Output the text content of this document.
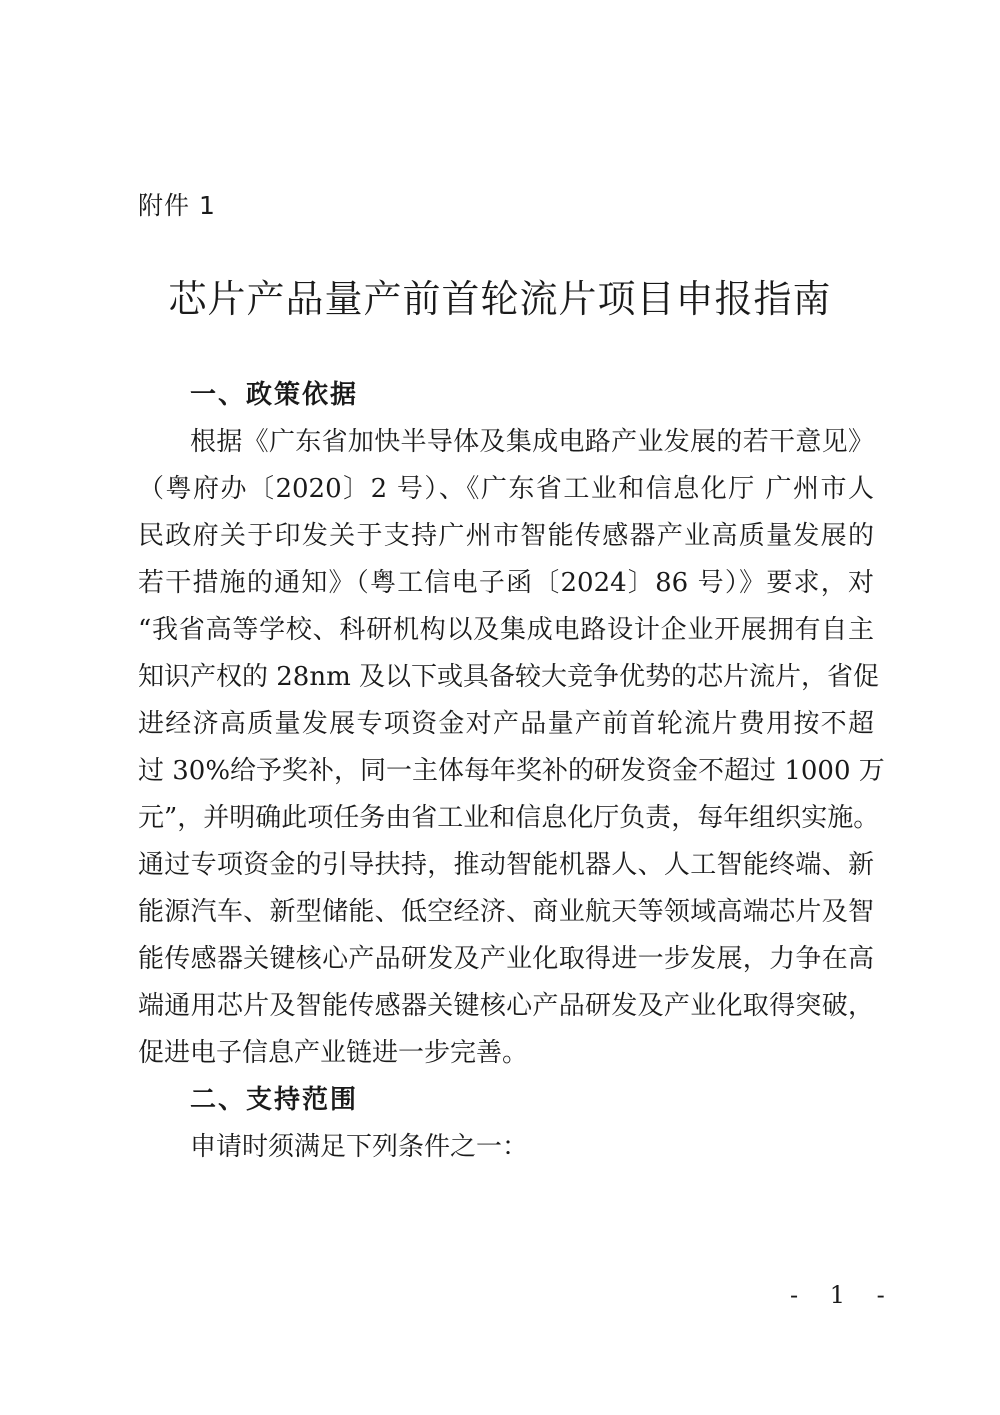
附件 1
芯片产品量产前首轮流片项目申报指南
一、政策依据
根据《广东省加快半导体及集成电路产业发展的若干意见》
（粤府办〔2020〕2 号）、《广东省工业和信息化厅 广州市人
民政府关于印发关于支持广州市智能传感器产业高质量发展的
若干措施的通知》（粤工信电子函〔2024〕86 号）》要求，对
“我省高等学校、科研机构以及集成电路设计企业开展拥有自主
知识产权的 28nm 及以下或具备较大竞争优势的芯片流片，省促
进经济高质量发展专项资金对产品量产前首轮流片费用按不超
过 30%给予奖补，同一主体每年奖补的研发资金不超过 1000 万
元”，并明确此项任务由省工业和信息化厅负责，每年组织实施。
通过专项资金的引导扶持，推动智能机器人、人工智能终端、新
能源汽车、新型储能、低空经济、商业航天等领域高端芯片及智
能传感器关键核心产品研发及产业化取得进一步发展，力争在高
端通用芯片及智能传感器关键核心产品研发及产业化取得突破，
促进电子信息产业链进一步完善。
二、支持范围
申请时须满足下列条件之一：
- 1 -
